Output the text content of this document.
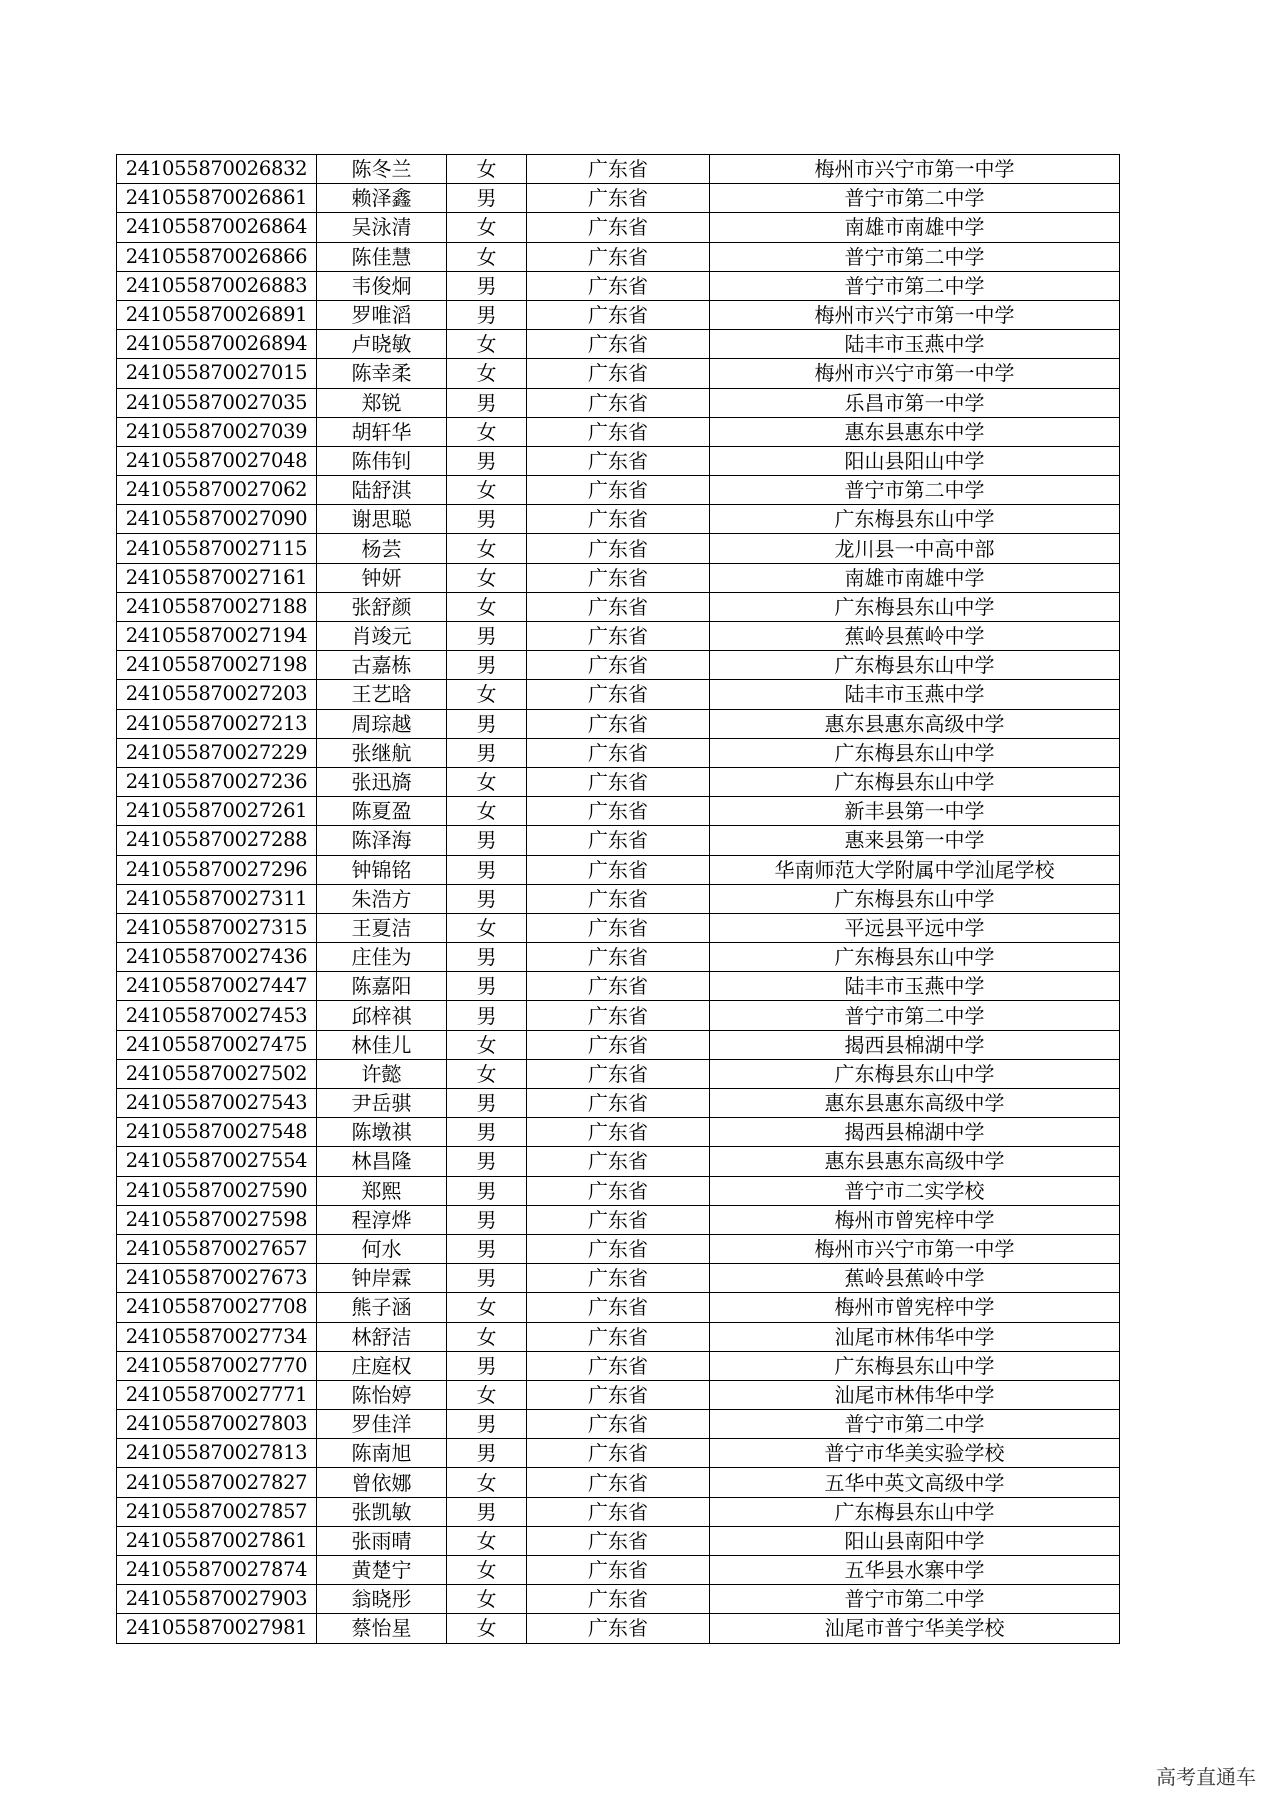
241055870026832	陈冬兰	女	广东省	梅州市兴宁市第一中学
241055870026861	赖泽鑫	男	广东省	普宁市第二中学
241055870026864	吴泳清	女	广东省	南雄市南雄中学
241055870026866	陈佳慧	女	广东省	普宁市第二中学
241055870026883	韦俊炯	男	广东省	普宁市第二中学
241055870026891	罗唯滔	男	广东省	梅州市兴宁市第一中学
241055870026894	卢晓敏	女	广东省	陆丰市玉燕中学
241055870027015	陈幸柔	女	广东省	梅州市兴宁市第一中学
241055870027035	郑锐	男	广东省	乐昌市第一中学
241055870027039	胡轩华	女	广东省	惠东县惠东中学
241055870027048	陈伟钊	男	广东省	阳山县阳山中学
241055870027062	陆舒淇	女	广东省	普宁市第二中学
241055870027090	谢思聪	男	广东省	广东梅县东山中学
241055870027115	杨芸	女	广东省	龙川县一中高中部
241055870027161	钟妍	女	广东省	南雄市南雄中学
241055870027188	张舒颜	女	广东省	广东梅县东山中学
241055870027194	肖竣元	男	广东省	蕉岭县蕉岭中学
241055870027198	古嘉栋	男	广东省	广东梅县东山中学
241055870027203	王艺晗	女	广东省	陆丰市玉燕中学
241055870027213	周琮越	男	广东省	惠东县惠东高级中学
241055870027229	张继航	男	广东省	广东梅县东山中学
241055870027236	张迅旖	女	广东省	广东梅县东山中学
241055870027261	陈夏盈	女	广东省	新丰县第一中学
241055870027288	陈泽海	男	广东省	惠来县第一中学
241055870027296	钟锦铭	男	广东省	华南师范大学附属中学汕尾学校
241055870027311	朱浩方	男	广东省	广东梅县东山中学
241055870027315	王夏洁	女	广东省	平远县平远中学
241055870027436	庄佳为	男	广东省	广东梅县东山中学
241055870027447	陈嘉阳	男	广东省	陆丰市玉燕中学
241055870027453	邱梓祺	男	广东省	普宁市第二中学
241055870027475	林佳儿	女	广东省	揭西县棉湖中学
241055870027502	许懿	女	广东省	广东梅县东山中学
241055870027543	尹岳骐	男	广东省	惠东县惠东高级中学
241055870027548	陈墩祺	男	广东省	揭西县棉湖中学
241055870027554	林昌隆	男	广东省	惠东县惠东高级中学
241055870027590	郑熙	男	广东省	普宁市二实学校
241055870027598	程淳烨	男	广东省	梅州市曾宪梓中学
241055870027657	何水	男	广东省	梅州市兴宁市第一中学
241055870027673	钟岸霖	男	广东省	蕉岭县蕉岭中学
241055870027708	熊子涵	女	广东省	梅州市曾宪梓中学
241055870027734	林舒洁	女	广东省	汕尾市林伟华中学
241055870027770	庄庭权	男	广东省	广东梅县东山中学
241055870027771	陈怡婷	女	广东省	汕尾市林伟华中学
241055870027803	罗佳洋	男	广东省	普宁市第二中学
241055870027813	陈南旭	男	广东省	普宁市华美实验学校
241055870027827	曾依娜	女	广东省	五华中英文高级中学
241055870027857	张凯敏	男	广东省	广东梅县东山中学
241055870027861	张雨晴	女	广东省	阳山县南阳中学
241055870027874	黄楚宁	女	广东省	五华县水寨中学
241055870027903	翁晓彤	女	广东省	普宁市第二中学
241055870027981	蔡怡星	女	广东省	汕尾市普宁华美学校
高考直通车
